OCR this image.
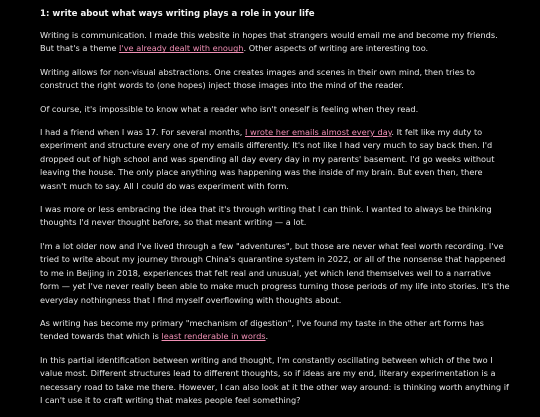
1: write about what ways writing plays a role in your life

Writing is communication. I made this website in hopes that strangers would email me and become my friends. But that's a theme I've already dealt with enough. Other aspects of writing are interesting too.

Writing allows for non-visual abstractions. One creates images and scenes in their own mind, then tries to construct the right words to (one hopes) inject those images into the mind of the reader.

Of course, it's impossible to know what a reader who isn't oneself is feeling when they read.

I had a friend when I was 17. For several months, I wrote her emails almost every day. It felt like my duty to experiment and structure every one of my emails differently. It's not like I had very much to say back then. I'd dropped out of high school and was spending all day every day in my parents' basement. I'd go weeks without leaving the house. The only place anything was happening was the inside of my brain. But even then, there wasn't much to say. All I could do was experiment with form.

I was more or less embracing the idea that it's through writing that I can think. I wanted to always be thinking thoughts I'd never thought before, so that meant writing — a lot.

I'm a lot older now and I've lived through a few "adventures", but those are never what feel worth recording. I've tried to write about my journey through China's quarantine system in 2022, or all of the nonsense that happened to me in Beijing in 2018, experiences that felt real and unusual, yet which lend themselves well to a narrative form — yet I've never really been able to make much progress turning those periods of my life into stories. It's the everyday nothingness that I find myself overflowing with thoughts about.

As writing has become my primary "mechanism of digestion", I've found my taste in the other art forms has tended towards that which is least renderable in words.

In this partial identification between writing and thought, I'm constantly oscillating between which of the two I value most. Different structures lead to different thoughts, so if ideas are my end, literary experimentation is a necessary road to take me there. However, I can also look at it the other way around: is thinking worth anything if I can't use it to craft writing that makes people feel something?
